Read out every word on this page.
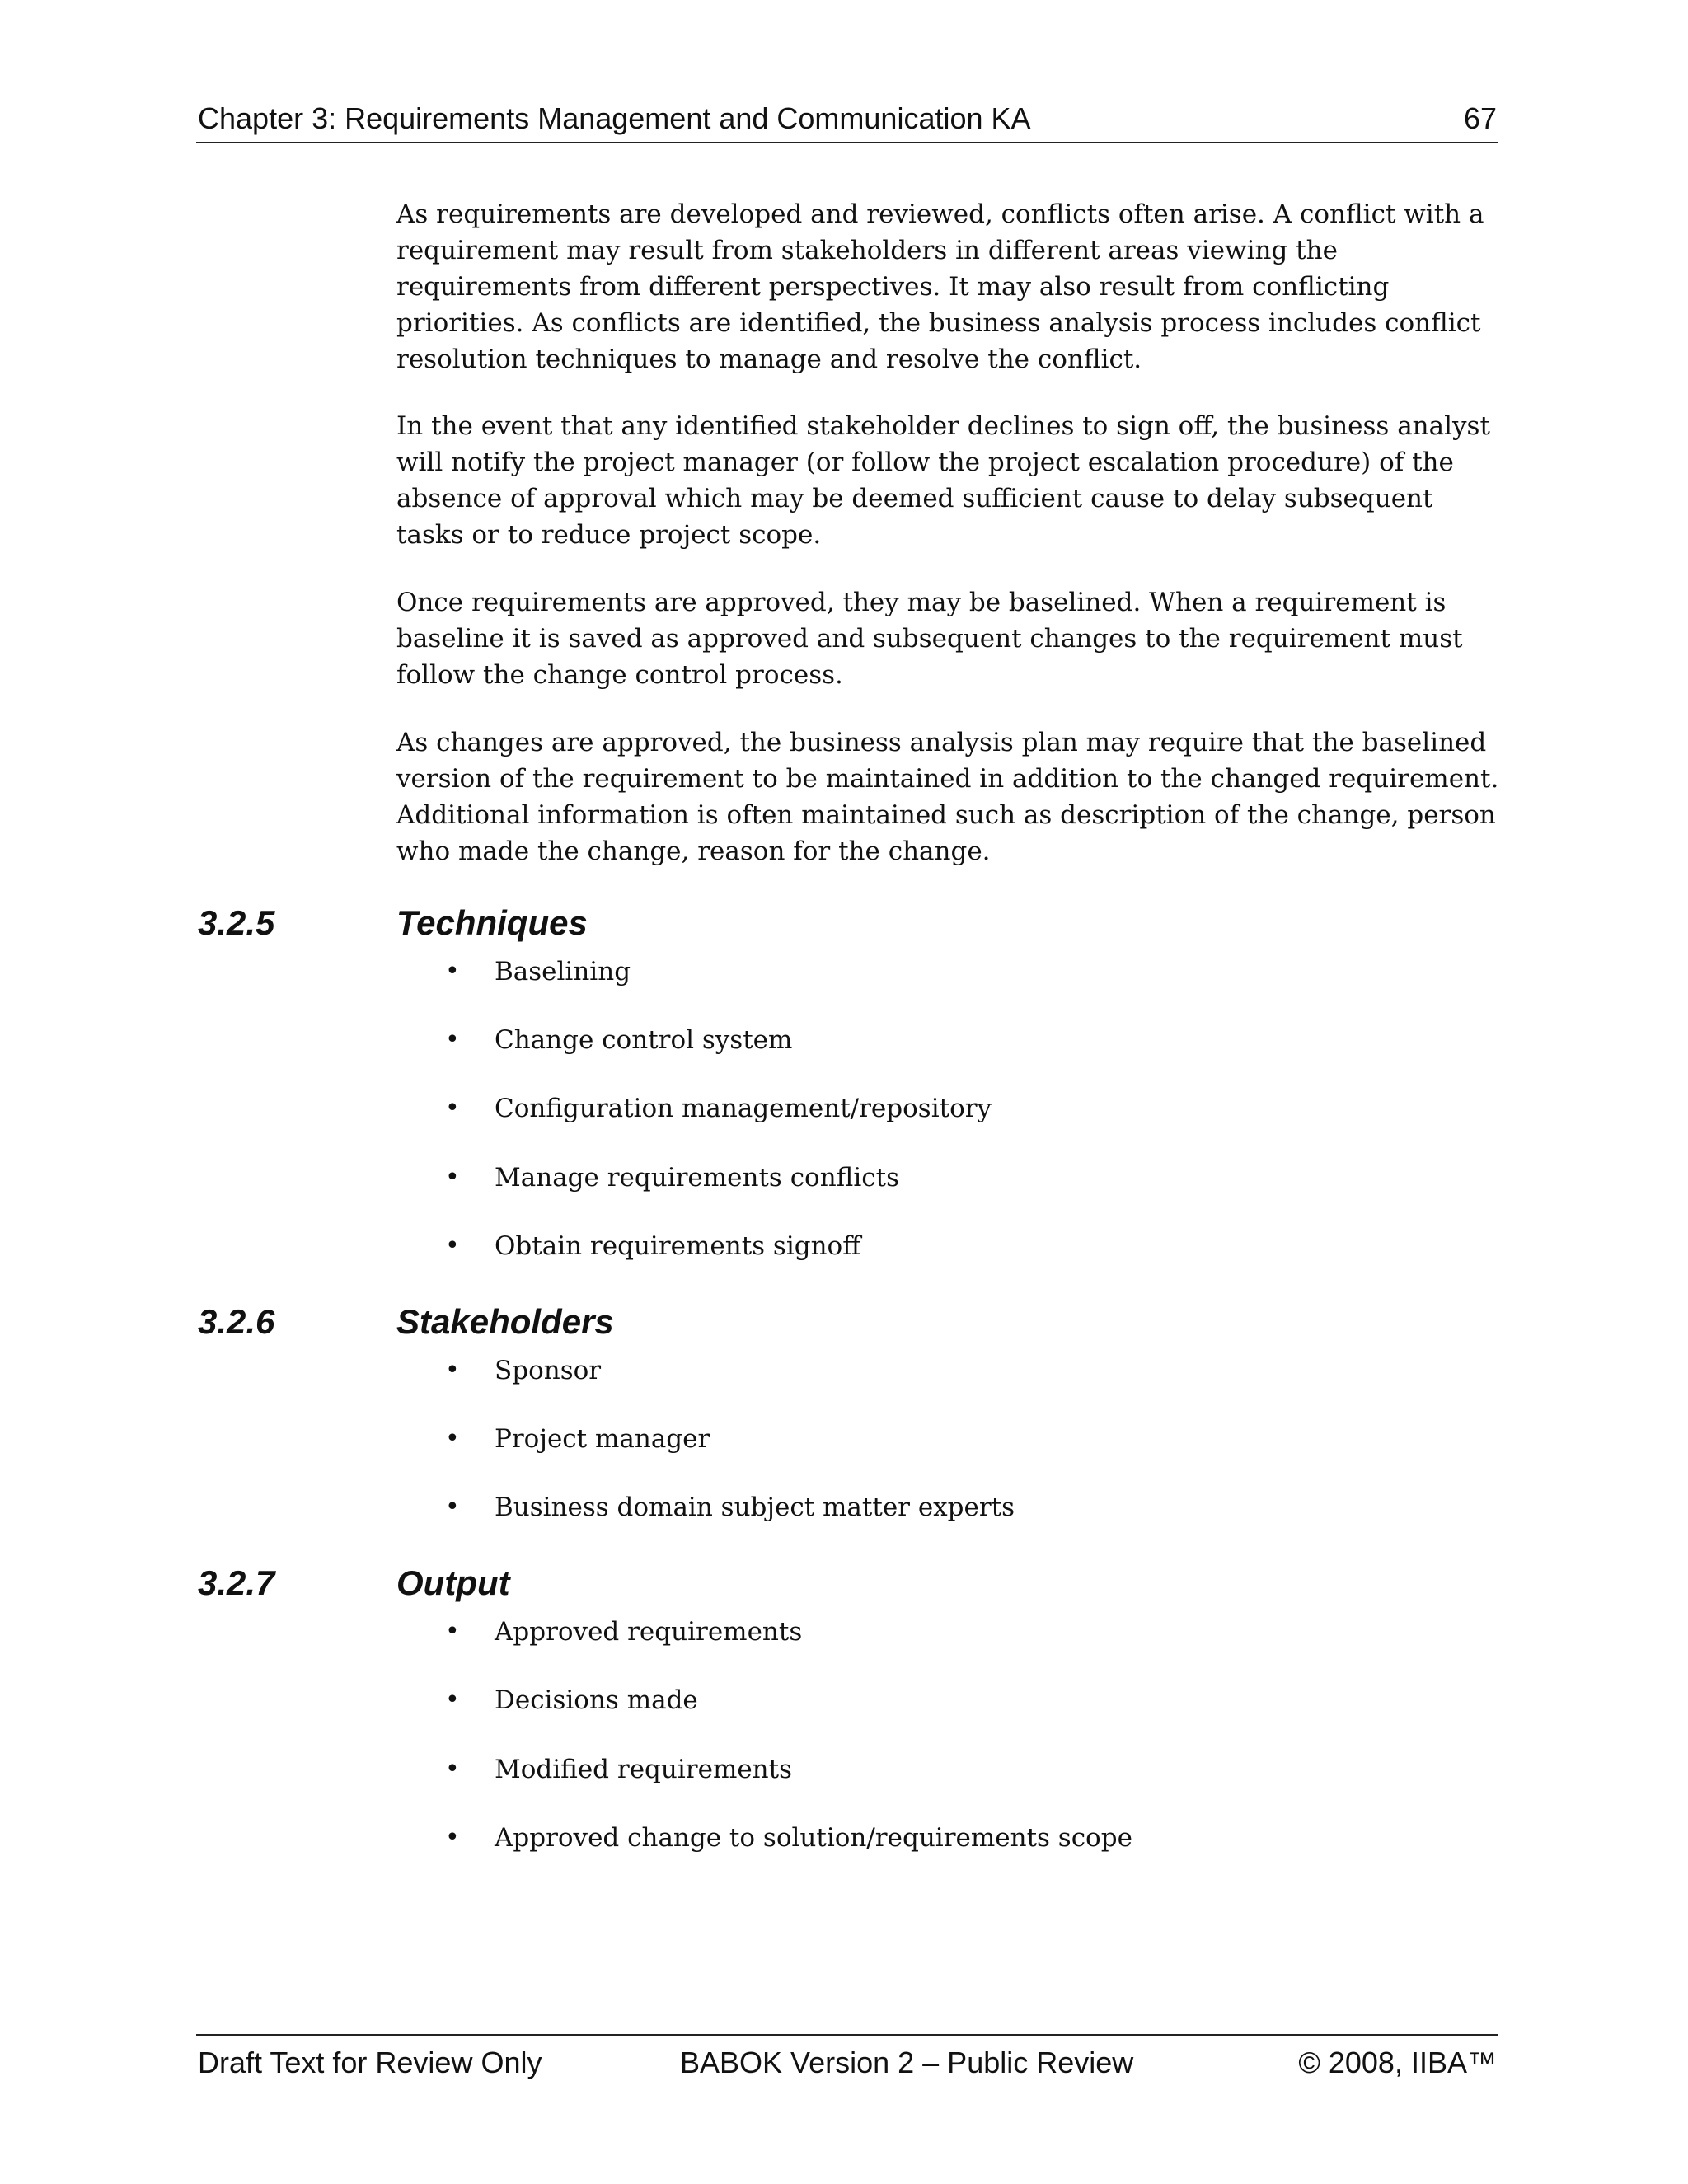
Chapter 3: Requirements Management and Communication KA	67

As requirements are developed and reviewed, conflicts often arise. A conflict with a requirement may result from stakeholders in different areas viewing the requirements from different perspectives. It may also result from conflicting priorities. As conflicts are identified, the business analysis process includes conflict resolution techniques to manage and resolve the conflict.

In the event that any identified stakeholder declines to sign off, the business analyst will notify the project manager (or follow the project escalation procedure) of the absence of approval which may be deemed sufficient cause to delay subsequent tasks or to reduce project scope.

Once requirements are approved, they may be baselined. When a requirement is baseline it is saved as approved and subsequent changes to the requirement must follow the change control process.

As changes are approved, the business analysis plan may require that the baselined version of the requirement to be maintained in addition to the changed requirement. Additional information is often maintained such as description of the change, person who made the change, reason for the change.

3.2.5	Techniques
• Baselining
• Change control system
• Configuration management/repository
• Manage requirements conflicts
• Obtain requirements signoff
3.2.6	Stakeholders
• Sponsor
• Project manager
• Business domain subject matter experts
3.2.7	Output
• Approved requirements
• Decisions made
• Modified requirements
• Approved change to solution/requirements scope
Draft Text for Review Only	BABOK Version 2 – Public Review	© 2008, IIBA™
